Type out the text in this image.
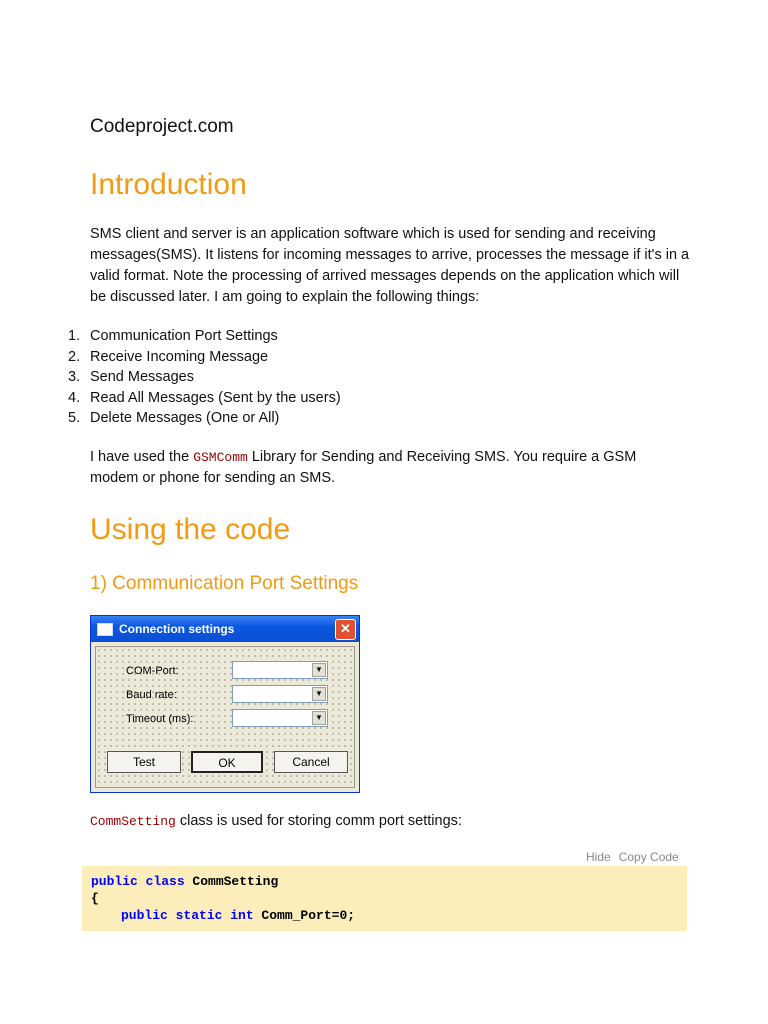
Codeproject.com
Introduction
SMS client and server is an application software which is used for sending and receiving messages(SMS). It listens for incoming messages to arrive, processes the message if it's in a valid format. Note the processing of arrived messages depends on the application which will be discussed later. I am going to explain the following things:
1. Communication Port Settings
2. Receive Incoming Message
3. Send Messages
4. Read All Messages (Sent by the users)
5. Delete Messages (One or All)
I have used the GSMComm Library for Sending and Receiving SMS. You require a GSM modem or phone for sending an SMS.
Using the code
1) Communication Port Settings
Connection settings	✕
COM-Port:	▼
Baud rate:	▼
Timeout (ms):	▼
Test	OK	Cancel
CommSetting class is used for storing comm port settings:
Hide Copy Code
public class CommSetting
{
public static int Comm_Port=0;
